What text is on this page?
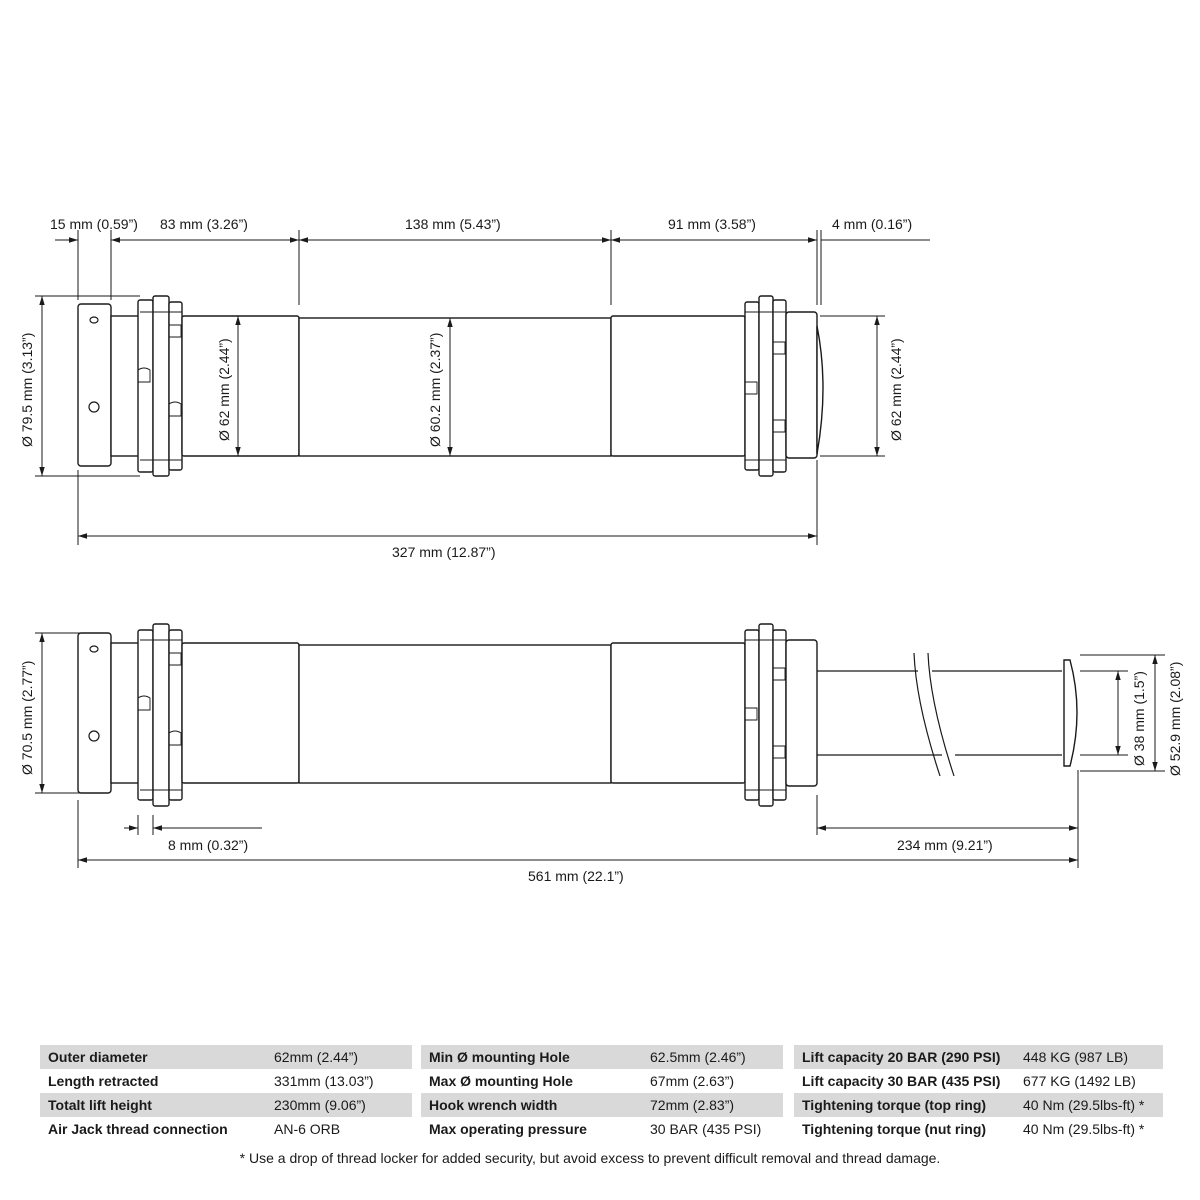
15 mm (0.59”) 83 mm (3.26”)	138 mm (5.43”)	91 mm (3.58”)	4 mm (0.16”)
Ø 79.5 mm (3.13”)	Ø 62 mm (2.44”)	Ø 60.2 mm (2.37”)	Ø 62 mm (2.44”)
327 mm (12.87”)
Ø 70.5 mm (2.77”)
8 mm (0.32”)	234 mm (9.21”)
561 mm (22.1”)
Ø 38 mm (1.5”) Ø 52.9 mm (2.08”)
Outer diameter	62mm (2.44”)
Length retracted	331mm (13.03”)
Totalt lift height	230mm (9.06”)
Air Jack thread connection	AN-6 ORB
Min Ø mounting Hole	62.5mm (2.46”)
Max Ø mounting Hole	67mm (2.63”)
Hook wrench width	72mm (2.83”)
Max operating pressure	30 BAR (435 PSI)
Lift capacity 20 BAR (290 PSI)	448 KG (987 LB)
Lift capacity 30 BAR (435 PSI)	677 KG (1492 LB)
Tightening torque (top ring)	40 Nm (29.5lbs-ft) *
Tightening torque (nut ring)	40 Nm (29.5lbs-ft) *
* Use a drop of thread locker for added security, but avoid excess to prevent difficult removal and thread damage.
